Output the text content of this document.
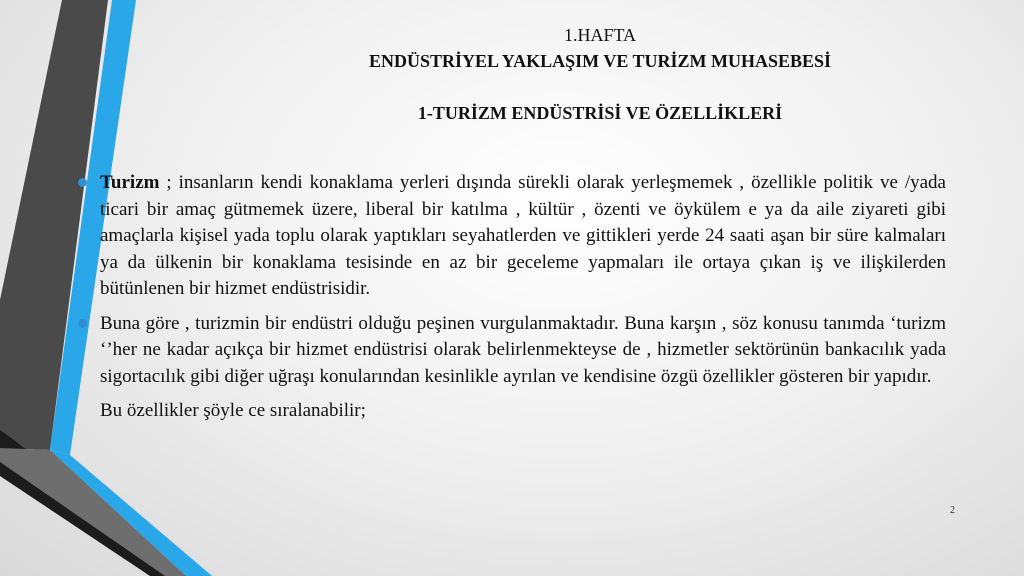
1.HAFTA
ENDÜSTRİYEL YAKLAŞIM VE TURİZM MUHASEBESİ
1-TURİZM ENDÜSTRİSİ VE ÖZELLİKLERİ

Turizm ; insanların kendi konaklama yerleri dışında sürekli olarak yerleşmemek , özellikle politik ve /yada ticari bir amaç gütmemek üzere, liberal bir katılma , kültür , özenti ve öykülem e ya da aile ziyareti gibi amaçlarla kişisel yada toplu olarak yaptıkları seyahatlerden ve gittikleri yerde 24 saati aşan bir süre kalmaları ya da ülkenin bir konaklama tesisinde en az bir geceleme yapmaları ile ortaya çıkan iş ve ilişkilerden bütünlenen bir hizmet endüstrisidir.

Buna göre , turizmin bir endüstri olduğu peşinen vurgulanmaktadır. Buna karşın , söz konusu tanımda ‘turizm ‘’her ne kadar açıkça bir hizmet endüstrisi olarak belirlenmekteyse de , hizmetler sektörünün bankacılık yada sigortacılık gibi diğer uğraşı konularından kesinlikle ayrılan ve kendisine özgü özellikler gösteren bir yapıdır.

Bu özellikler şöyle ce sıralanabilir;

2
